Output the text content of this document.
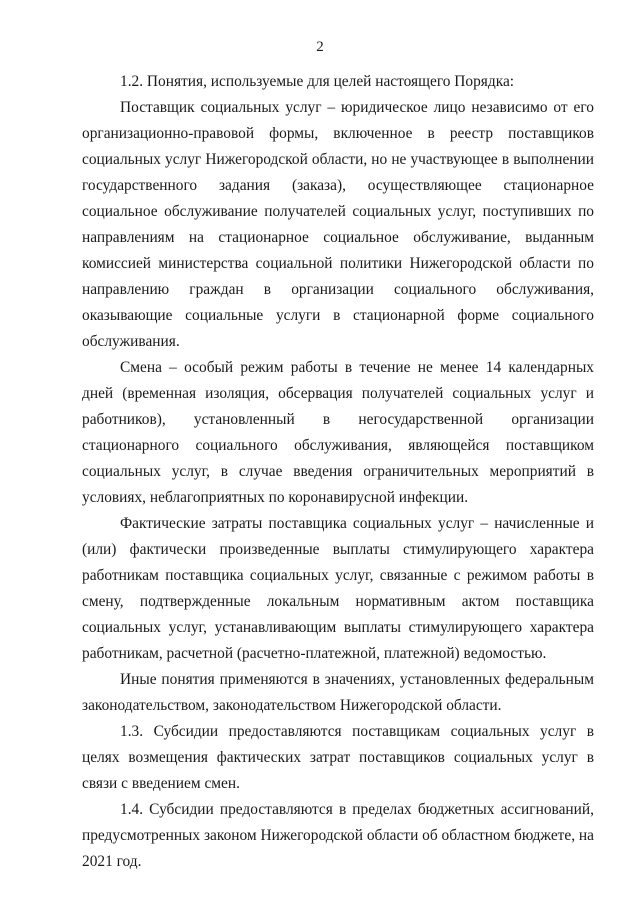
2

1.2. Понятия, используемые для целей настоящего Порядка:

Поставщик социальных услуг – юридическое лицо независимо от его организационно-правовой формы, включенное в реестр поставщиков социальных услуг Нижегородской области, но не участвующее в выполнении государственного задания (заказа), осуществляющее стационарное социальное обслуживание получателей социальных услуг, поступивших по направлениям на стационарное социальное обслуживание, выданным комиссией министерства социальной политики Нижегородской области по направлению граждан в организации социального обслуживания, оказывающие социальные услуги в стационарной форме социального обслуживания.

Смена – особый режим работы в течение не менее 14 календарных дней (временная изоляция, обсервация получателей социальных услуг и работников), установленный в негосударственной организации стационарного социального обслуживания, являющейся поставщиком социальных услуг, в случае введения ограничительных мероприятий в условиях, неблагоприятных по коронавирусной инфекции.

Фактические затраты поставщика социальных услуг – начисленные и (или) фактически произведенные выплаты стимулирующего характера работникам поставщика социальных услуг, связанные с режимом работы в смену, подтвержденные локальным нормативным актом поставщика социальных услуг, устанавливающим выплаты стимулирующего характера работникам, расчетной (расчетно-платежной, платежной) ведомостью.

Иные понятия применяются в значениях, установленных федеральным законодательством, законодательством Нижегородской области.

1.3. Субсидии предоставляются поставщикам социальных услуг в целях возмещения фактических затрат поставщиков социальных услуг в связи с введением смен.

1.4. Субсидии предоставляются в пределах бюджетных ассигнований, предусмотренных законом Нижегородской области об областном бюджете, на 2021 год.
